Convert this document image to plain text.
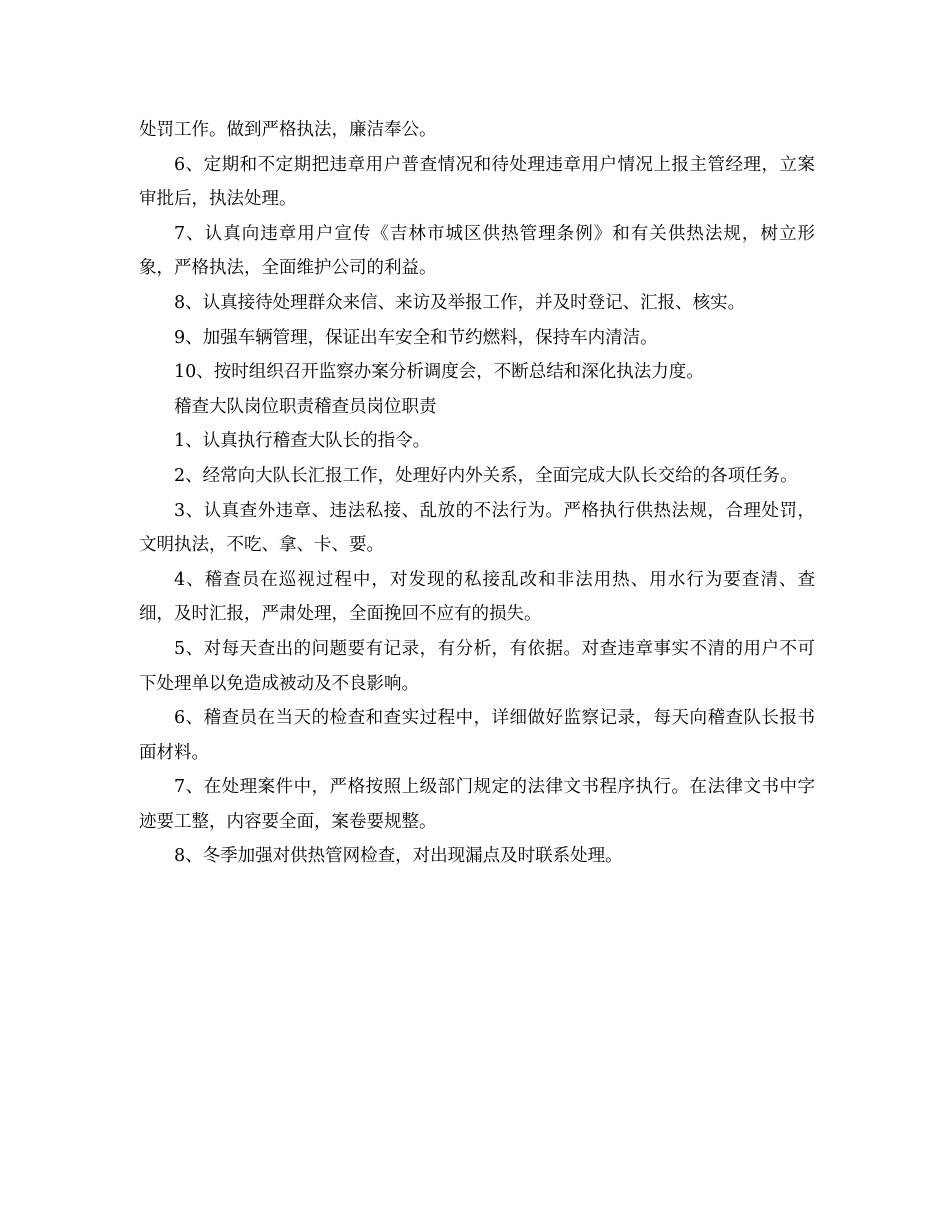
处罚工作。做到严格执法，廉洁奉公。

6、定期和不定期把违章用户普查情况和待处理违章用户情况上报主管经理，立案审批后，执法处理。

7、认真向违章用户宣传《吉林市城区供热管理条例》和有关供热法规，树立形象，严格执法，全面维护公司的利益。

8、认真接待处理群众来信、来访及举报工作，并及时登记、汇报、核实。

9、加强车辆管理，保证出车安全和节约燃料，保持车内清洁。

10、按时组织召开监察办案分析调度会，不断总结和深化执法力度。

稽查大队岗位职责稽查员岗位职责

1、认真执行稽查大队长的指令。

2、经常向大队长汇报工作，处理好内外关系，全面完成大队长交给的各项任务。

3、认真查外违章、违法私接、乱放的不法行为。严格执行供热法规，合理处罚，文明执法，不吃、拿、卡、要。

4、稽查员在巡视过程中，对发现的私接乱改和非法用热、用水行为要查清、查细，及时汇报，严肃处理，全面挽回不应有的损失。

5、对每天查出的问题要有记录，有分析，有依据。对查违章事实不清的用户不可下处理单以免造成被动及不良影响。

6、稽查员在当天的检查和查实过程中，详细做好监察记录，每天向稽查队长报书面材料。

7、在处理案件中，严格按照上级部门规定的法律文书程序执行。在法律文书中字迹要工整，内容要全面，案卷要规整。

8、冬季加强对供热管网检查，对出现漏点及时联系处理。
